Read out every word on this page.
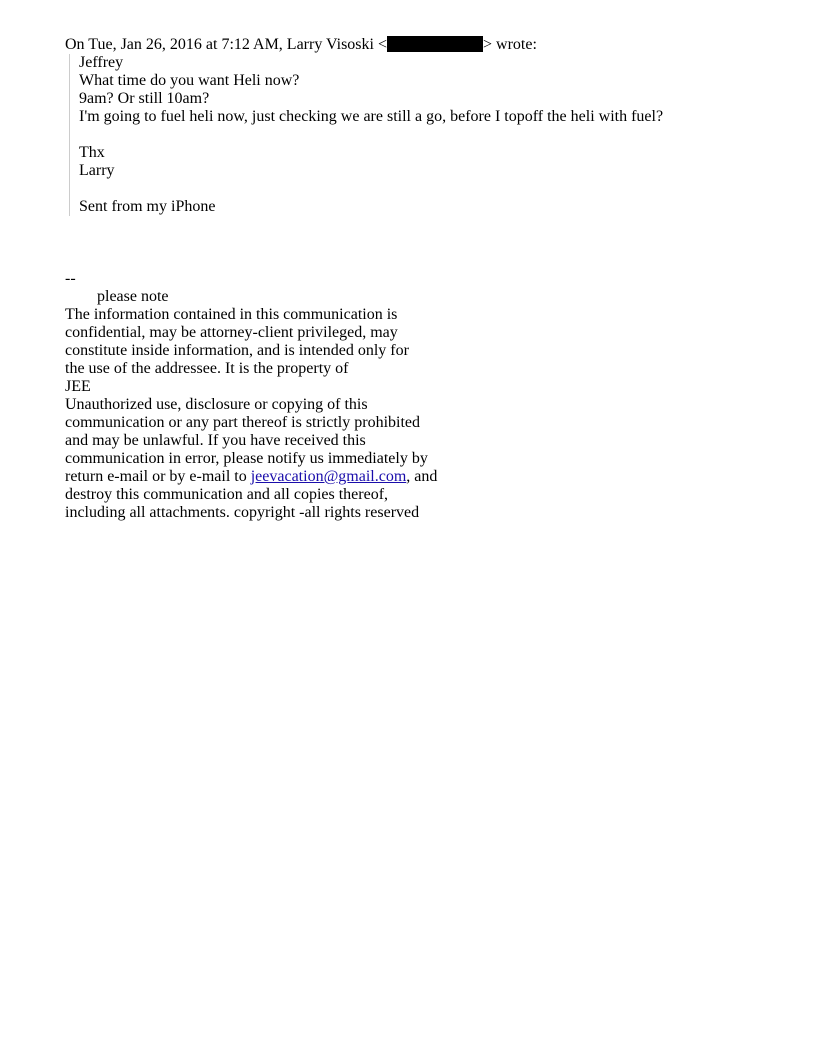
On Tue, Jan 26, 2016 at 7:12 AM, Larry Visoski <	> wrote:
Jeffrey
What time do you want Heli now?
9am? Or still 10am?
I'm going to fuel heli now, just checking we are still a go, before I topoff the heli with fuel?
Thx
Larry
Sent from my iPhone
--
please note
The information contained in this communication is
confidential, may be attorney-client privileged, may
constitute inside information, and is intended only for
the use of the addressee. It is the property of
JEE
Unauthorized use, disclosure or copying of this
communication or any part thereof is strictly prohibited
and may be unlawful. If you have received this
communication in error, please notify us immediately by
return e-mail or by e-mail to jeevacation@gmail.com, and
destroy this communication and all copies thereof,
including all attachments. copyright -all rights reserved
